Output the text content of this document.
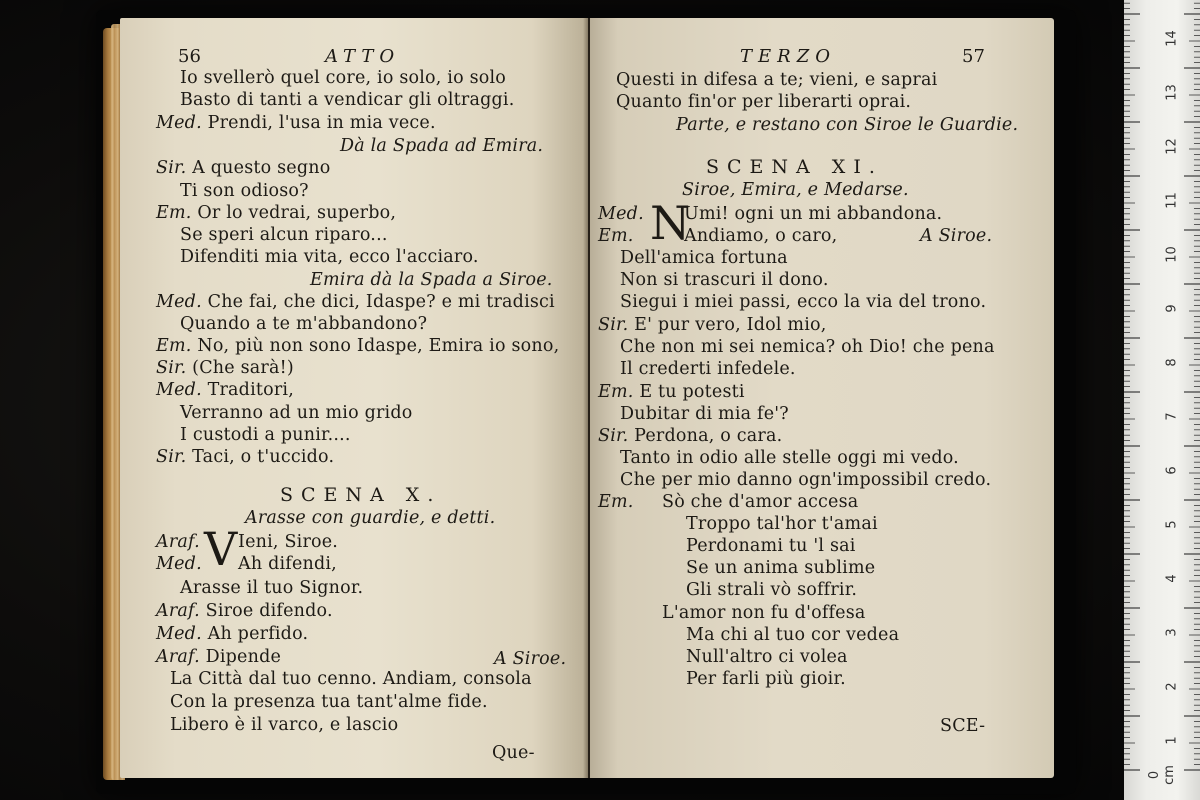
56	ATTO
Io svellerò quel core, io solo, io solo
Basto di tanti a vendicar gli oltraggi.
Med. Prendi, l'usa in mia vece.
Dà la Spada ad Emira.
Sir. A questo segno
Ti son odioso?
Em. Or lo vedrai, superbo,
Se speri alcun riparo...
Difenditi mia vita, ecco l'acciaro.
Emira dà la Spada a Siroe.
Med. Che fai, che dici, Idaspe? e mi tradisci
Quando a te m'abbandono?
Em. No, più non sono Idaspe, Emira io sono,
Sir. (Che sarà!)
Med. Traditori,
Verranno ad un mio grido
I custodi a punir....
Sir. Taci, o t'uccido.
SCENA X.
Arasse con guardie, e detti.
Araf. V Ieni, Siroe.
Med. Ah difendi,
Arasse il tuo Signor.
Araf. Siroe difendo.
Med. Ah perfido.
Araf. Dipende	A Siroe.
La Città dal tuo cenno. Andiam, consola
Con la presenza tua tant'alme fide.
Libero è il varco, e lascio
Que-
TERZO	57
Questi in difesa a te; vieni, e saprai
Quanto fin'or per liberarti oprai.
Parte, e restano con Siroe le Guardie.
SCENA XI.
Siroe, Emira, e Medarse.
Med. N
Umi! ogni un mi abbandona.
Em.	Andiamo, o caro,	A Siroe.
Dell'amica fortuna
Non si trascuri il dono.
Siegui i miei passi, ecco la via del trono.
Sir. E' pur vero, Idol mio,
Che non mi sei nemica? oh Dio! che pena
Il crederti infedele.
Em. E tu potesti
Dubitar di mia fe'?
Sir. Perdona, o cara.
Tanto in odio alle stelle oggi mi vedo.
Che per mio danno ogn'impossibil credo.
Em. Sò che d'amor accesa
Troppo tal'hor t'amai
Perdonami tu 'l sai
Se un anima sublime
Gli strali vò soffrir.
L'amor non fu d'offesa
Ma chi al tuo cor vedea
Null'altro ci volea
Per farli più gioir.
SCE-
0 cm
1
2
3
4
5
6
7
8
9
10
11
12
13
14
